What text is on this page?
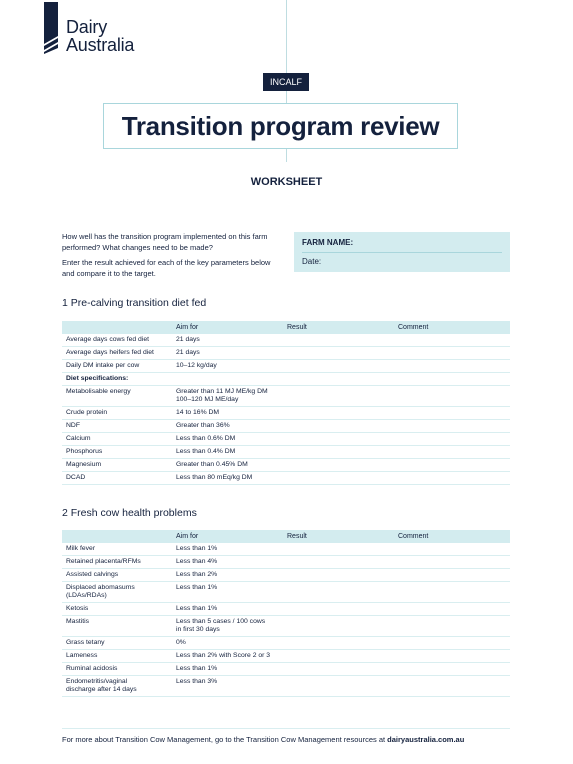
Dairy
Australia
INCALF
Transition program review
WORKSHEET

How well has the transition program implemented on this farm performed? What changes need to be made?

Enter the result achieved for each of the key parameters below and compare it to the target.

FARM NAME:
Date:
1 Pre-calving transition diet fed
	Aim for	Result	Comment
Average days cows fed diet	21 days		
Average days heifers fed diet	21 days		
Daily DM intake per cow	10–12 kg/day		
Diet specifications:			
Metabolisable energy	Greater than 11 MJ ME/kg DM
100–120 MJ ME/day		
Crude protein	14 to 16% DM		
NDF	Greater than 36%		
Calcium	Less than 0.6% DM		
Phosphorus	Less than 0.4% DM		
Magnesium	Greater than 0.45% DM		
DCAD	Less than 80 mEq/kg DM		
2 Fresh cow health problems
	Aim for	Result	Comment
Milk fever	Less than 1%		
Retained placenta/RFMs	Less than 4%		
Assisted calvings	Less than 2%		
Displaced abomasums
(LDAs/RDAs)	Less than 1%		
Ketosis	Less than 1%		
Mastitis	Less than 5 cases / 100 cows
in first 30 days		
Grass tetany	0%		
Lameness	Less than 2% with Score 2 or 3		
Ruminal acidosis	Less than 1%		
Endometritis/vaginal
discharge after 14 days	Less than 3%		
For more about Transition Cow Management, go to the Transition Cow Management resources at dairyaustralia.com.au
